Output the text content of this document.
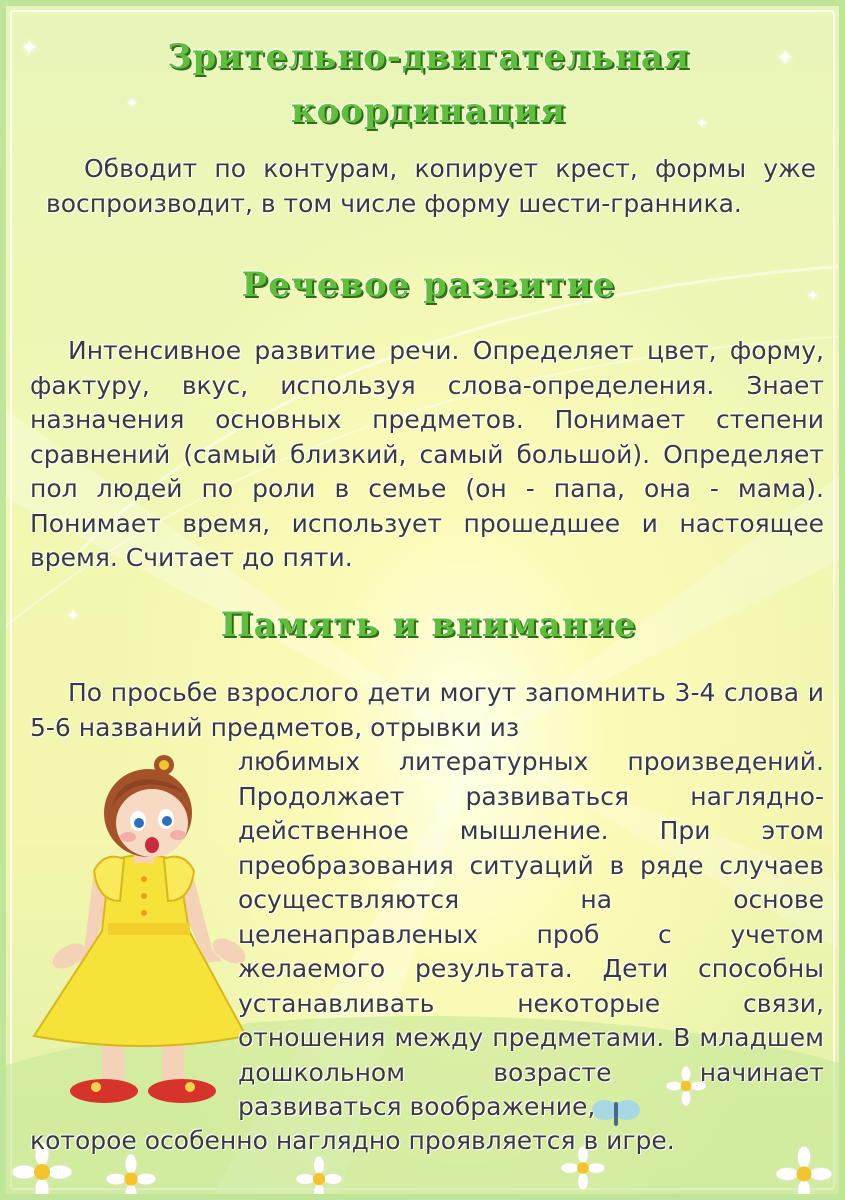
✦
✦
✦
✦
✦
✦
Зрительно-двигательная
координация

Обводит по контурам, копирует крест, формы уже воспроизводит, в том числе форму шести-гранника.

Речевое развитие

Интенсивное развитие речи. Определяет цвет, форму, фактуру, вкус, используя слова-определения. Знает назначения основных предметов. Понимает степени сравнений (самый близкий, самый большой). Определяет пол людей по роли в семье (он - папа, она - мама). Понимает время, использует прошедшее и настоящее время. Считает до пяти.

Память и внимание

По просьбе взрослого дети могут запомнить 3-4 слова и 5-6 названий предметов, отрывки из

любимых литературных произведений. Продолжает развиваться наглядно-действенное мышление. При этом преобразования ситуаций в ряде случаев осуществляются на основе целенаправленых проб с учетом желаемого результата. Дети способны устанавливать некоторые связи, отношения между предметами. В младшем дошкольном возрасте начинает развиваться воображение,

которое особенно наглядно проявляется в игре.
